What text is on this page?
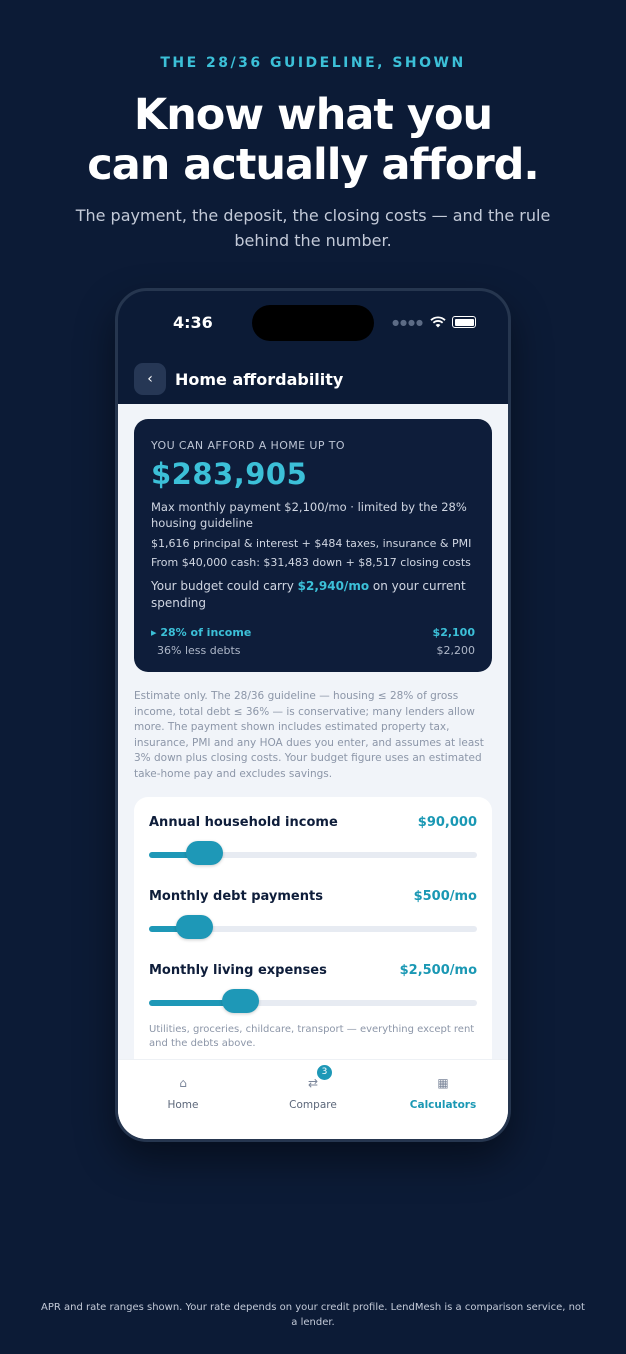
THE 28/36 GUIDELINE, SHOWN
Know what you
can actually afford.
The payment, the deposit, the closing costs — and the rule behind the number.
4:36	●●●●
‹	Home affordability
YOU CAN AFFORD A HOME UP TO
$283,905
Max monthly payment $2,100/mo · limited by the 28% housing guideline
$1,616 principal & interest + $484 taxes, insurance & PMI
From $40,000 cash: $31,483 down + $8,517 closing costs
Your budget could carry $2,940/mo on your current spending
▸ 28% of income	$2,100
36% less debts	$2,200
Estimate only. The 28/36 guideline — housing ≤ 28% of gross income, total debt ≤ 36% — is conservative; many lenders allow more. The payment shown includes estimated property tax, insurance, PMI and any HOA dues you enter, and assumes at least 3% down plus closing costs. Your budget figure uses an estimated take-home pay and excludes savings.
Annual household income	$90,000
Monthly debt payments	$500/mo
Monthly living expenses	$2,500/mo
Utilities, groceries, childcare, transport — everything except rent and the debts above.
⌂
Home
⇄
3
Compare
▦
Calculators
APR and rate ranges shown. Your rate depends on your credit profile. LendMesh is a comparison service, not a lender.
